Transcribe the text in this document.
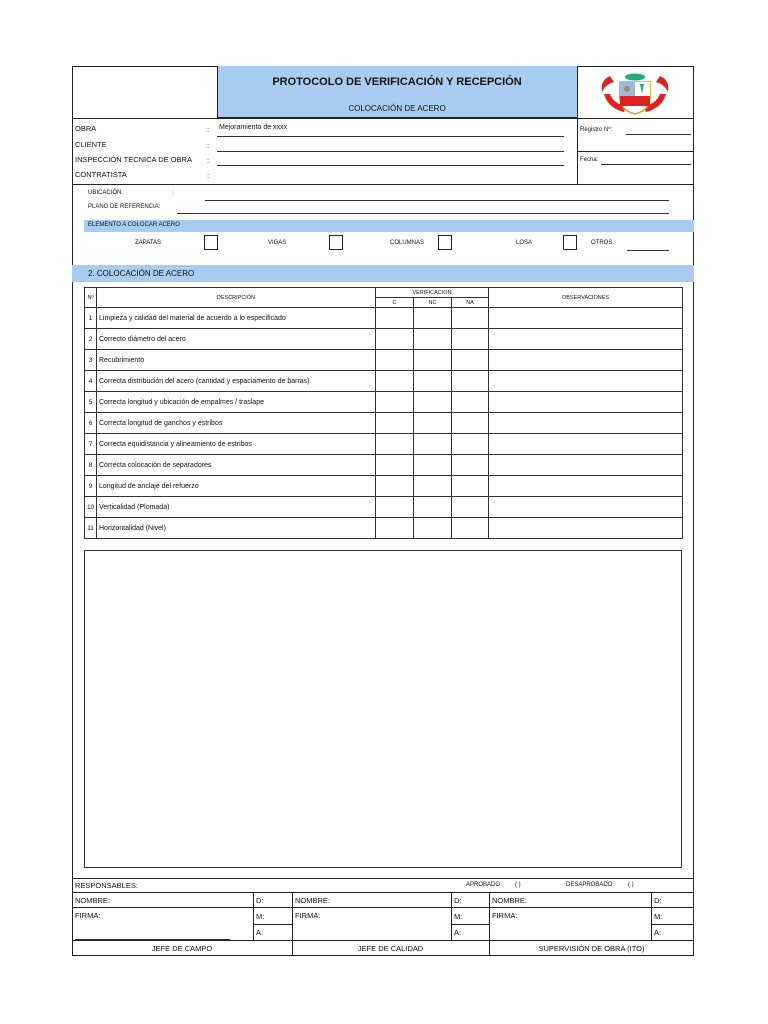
PROTOCOLO DE VERIFICACIÓN Y RECEPCIÓN
COLOCACIÓN DE ACERO
OBRA	: Mejoramiento de xxxx
CLIENTE	:
INSPECCIÓN TECNICA DE OBRA :
CONTRATISTA	:
Registro Nº:
Fecha:
UBICACIÓN	:
PLANO DE REFERENCIA:
ELEMENTO A COLOCAR ACERO
ZAPATAS	VIGAS	COLUMNAS	LOSA	OTROS:
2. COLOCACIÓN DE ACERO
Nº	DESCRIPCIÓN	VERIFICACION			OBSERVACIONES
		C	NC	NA	
1	Limpieza y calidad del material de acuerdo a lo especificado				
2	Correcto diámetro del acero				
3	Recubrimiento				
4	Correcta distribución del acero (cantidad y espaciamento de barras)				
5	Correcta longitud y ubicación de empalmes / traslape				
6	Correcta longitud de ganchos y estribos				
7	Correcta equidistancia y alineamiento de estribos				
8	Correcta colocación de separadores				
9	Longitud de anclaje del refuerzo				
10	Verticalidad (Plomada)				
11	Horizontalidad (Nivel)				
RESPONSABLES:	APROBADO ( )	DESAPROBADO	( )
NOMBRE:	D:
FIRMA:	M:
A:
JEFE DE CAMPO
NOMBRE:	D:
FIRMA:	M:
A:
JEFE DE CALIDAD
NOMBRE:	D:
FIRMA:	M:
A:
SUPERVISIÓN DE OBRA (ITO)
